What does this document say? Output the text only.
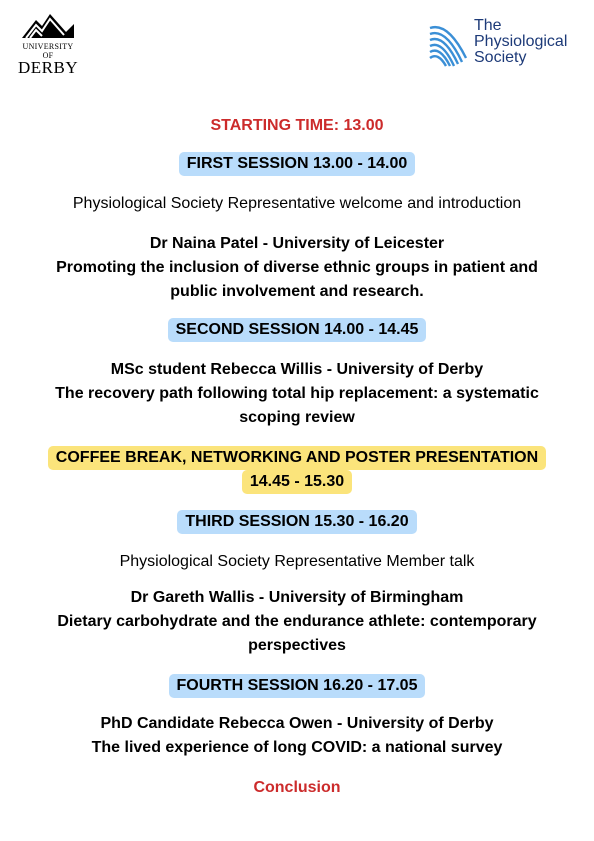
UNIVERSITY OF
DERBY
The
Physiological
Society
STARTING TIME: 13.00
FIRST SESSION 13.00 - 14.00
Physiological Society Representative welcome and introduction
Dr Naina Patel - University of Leicester
Promoting the inclusion of diverse ethnic groups in patient and
public involvement and research.
SECOND SESSION 14.00 - 14.45
MSc student Rebecca Willis - University of Derby
The recovery path following total hip replacement: a systematic
scoping review
COFFEE BREAK, NETWORKING AND POSTER PRESENTATION
14.45 - 15.30
THIRD SESSION 15.30 - 16.20
Physiological Society Representative Member talk
Dr Gareth Wallis - University of Birmingham
Dietary carbohydrate and the endurance athlete: contemporary
perspectives
FOURTH SESSION 16.20 - 17.05
PhD Candidate Rebecca Owen - University of Derby
The lived experience of long COVID: a national survey
Conclusion
